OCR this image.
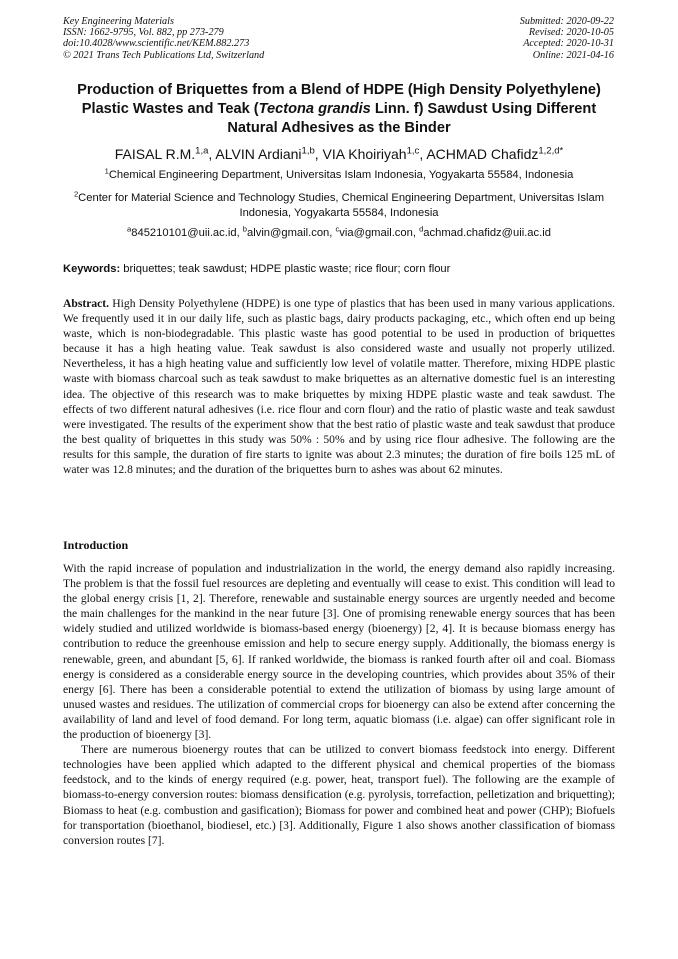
Key Engineering Materials
ISSN: 1662-9795, Vol. 882, pp 273-279
doi:10.4028/www.scientific.net/KEM.882.273
© 2021 Trans Tech Publications Ltd, Switzerland
Submitted: 2020-09-22
Revised: 2020-10-05
Accepted: 2020-10-31
Online: 2021-04-16
Production of Briquettes from a Blend of HDPE (High Density Polyethylene) Plastic Wastes and Teak (Tectona grandis Linn. f) Sawdust Using Different Natural Adhesives as the Binder
FAISAL R.M.$^{1,a}$, ALVIN Ardiani$^{1,b}$, VIA Khoiriyah$^{1,c}$, ACHMAD Chafidz$^{1,2,d*}$
$^1$Chemical Engineering Department, Universitas Islam Indonesia, Yogyakarta 55584, Indonesia
$^2$Center for Material Science and Technology Studies, Chemical Engineering Department, Universitas Islam Indonesia, Yogyakarta 55584, Indonesia
$^a$845210101@uii.ac.id, $^b$alvin@gmail.con, $^c$via@gmail.con, $^d$achmad.chafidz@uii.ac.id
Keywords: briquettes; teak sawdust; HDPE plastic waste; rice flour; corn flour
Abstract. High Density Polyethylene (HDPE) is one type of plastics that has been used in many various applications. We frequently used it in our daily life, such as plastic bags, dairy products packaging, etc., which often end up being waste, which is non-biodegradable. This plastic waste has good potential to be used in production of briquettes because it has a high heating value. Teak sawdust is also considered waste and usually not properly utilized. Nevertheless, it has a high heating value and sufficiently low level of volatile matter. Therefore, mixing HDPE plastic waste with biomass charcoal such as teak sawdust to make briquettes as an alternative domestic fuel is an interesting idea. The objective of this research was to make briquettes by mixing HDPE plastic waste and teak sawdust. The effects of two different natural adhesives (i.e. rice flour and corn flour) and the ratio of plastic waste and teak sawdust were investigated. The results of the experiment show that the best ratio of plastic waste and teak sawdust that produce the best quality of briquettes in this study was 50% : 50% and by using rice flour adhesive. The following are the results for this sample, the duration of fire starts to ignite was about 2.3 minutes; the duration of fire boils 125 mL of water was 12.8 minutes; and the duration of the briquettes burn to ashes was about 62 minutes.
Introduction

With the rapid increase of population and industrialization in the world, the energy demand also rapidly increasing. The problem is that the fossil fuel resources are depleting and eventually will cease to exist. This condition will lead to the global energy crisis [1, 2]. Therefore, renewable and sustainable energy sources are urgently needed and become the main challenges for the mankind in the near future [3]. One of promising renewable energy sources that has been widely studied and utilized worldwide is biomass-based energy (bioenergy) [2, 4]. It is because biomass energy has contribution to reduce the greenhouse emission and help to secure energy supply. Additionally, the biomass energy is renewable, green, and abundant [5, 6]. If ranked worldwide, the biomass is ranked fourth after oil and coal. Biomass energy is considered as a considerable energy source in the developing countries, which provides about 35% of their energy [6]. There has been a considerable potential to extend the utilization of biomass by using large amount of unused wastes and residues. The utilization of commercial crops for bioenergy can also be extend after concerning the availability of land and level of food demand. For long term, aquatic biomass (i.e. algae) can offer significant role in the production of bioenergy [3].

There are numerous bioenergy routes that can be utilized to convert biomass feedstock into energy. Different technologies have been applied which adapted to the different physical and chemical properties of the biomass feedstock, and to the kinds of energy required (e.g. power, heat, transport fuel). The following are the example of biomass-to-energy conversion routes: biomass densification (e.g. pyrolysis, torrefaction, pelletization and briquetting); Biomass to heat (e.g. combustion and gasification); Biomass for power and combined heat and power (CHP); Biofuels for transportation (bioethanol, biodiesel, etc.) [3]. Additionally, Figure 1 also shows another classification of biomass conversion routes [7].
